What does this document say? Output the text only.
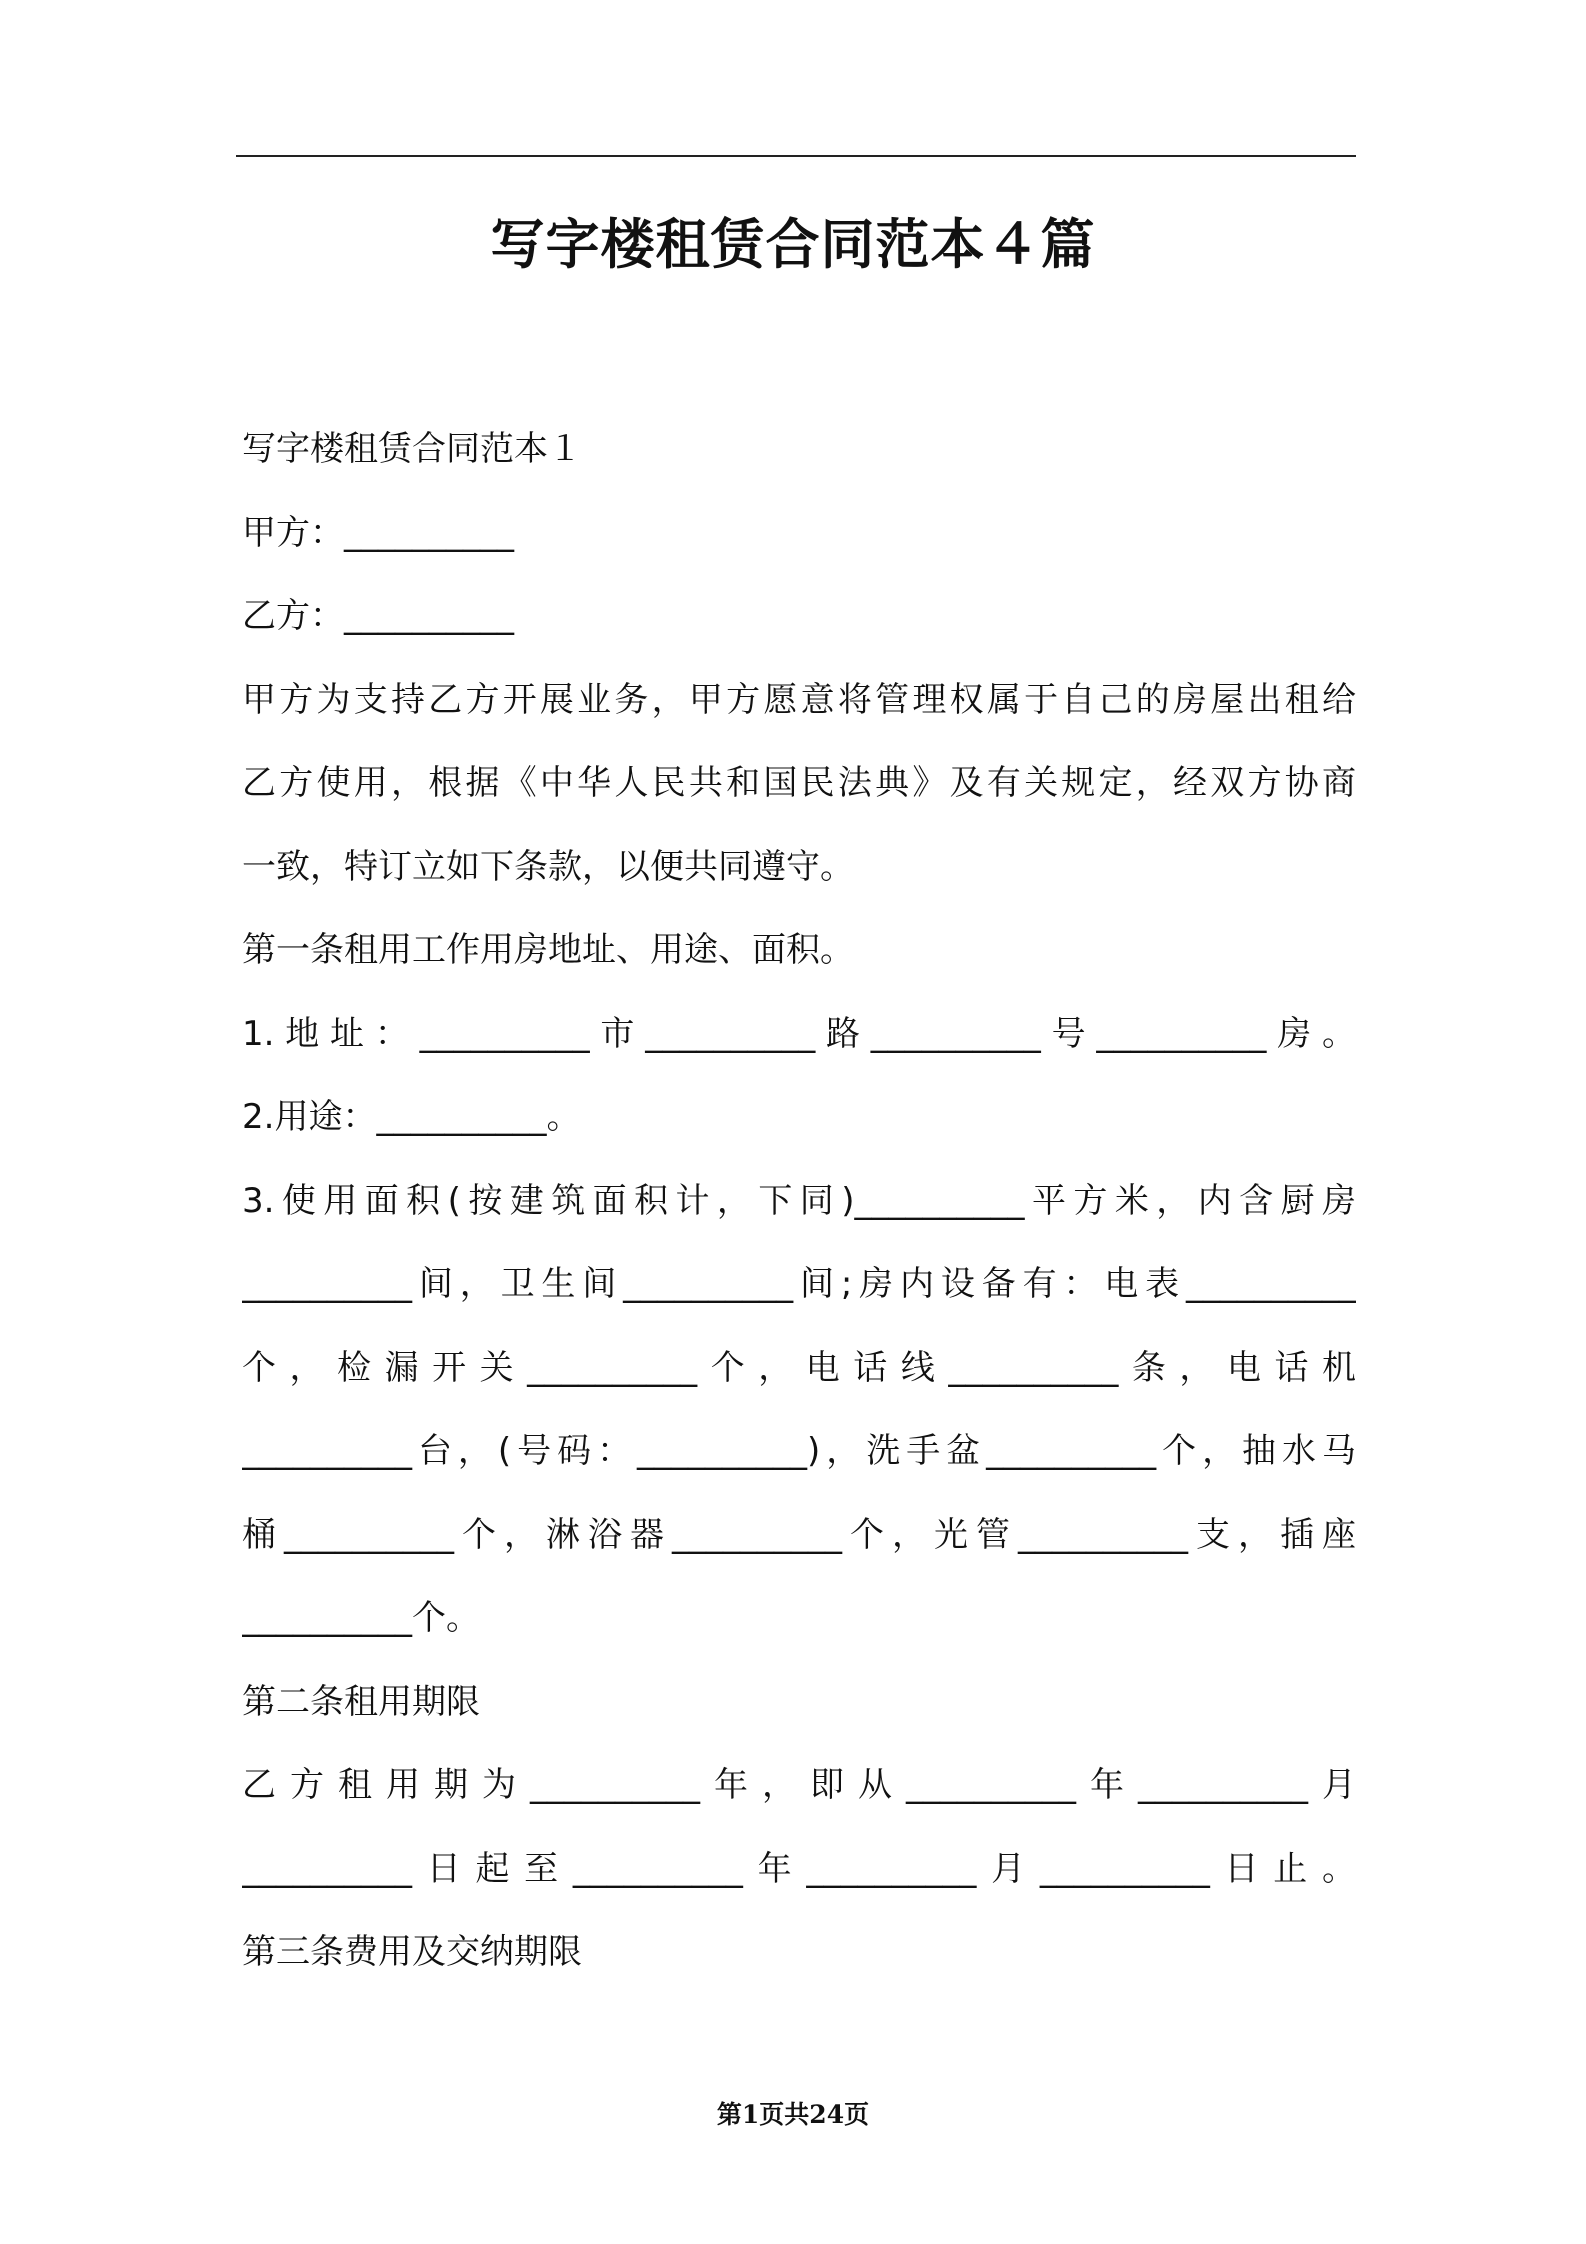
写字楼租赁合同范本４篇
写字楼租赁合同范本１
甲方：__________
乙方：__________
甲方为支持乙方开展业务，甲方愿意将管理权属于自己的房屋出租给
乙方使用，根据《中华人民共和国民法典》及有关规定，经双方协商
一致，特订立如下条款，以便共同遵守。
第一条租用工作用房地址、用途、面积。
1.地址：__________市__________路__________号__________房。
2.用途：__________。
3.使用面积(按建筑面积计，下同)__________平方米，内含厨房
__________间，卫生间__________间;房内设备有：电表__________
个，检漏开关__________个，电话线__________条，电话机
__________台，(号码：__________)，洗手盆__________个，抽水马
桶__________个，淋浴器__________个，光管__________支，插座
__________个。
第二条租用期限
乙方租用期为__________年，即从__________年__________月
__________日起至__________年__________月__________日止。
第三条费用及交纳期限
第1页共24页
